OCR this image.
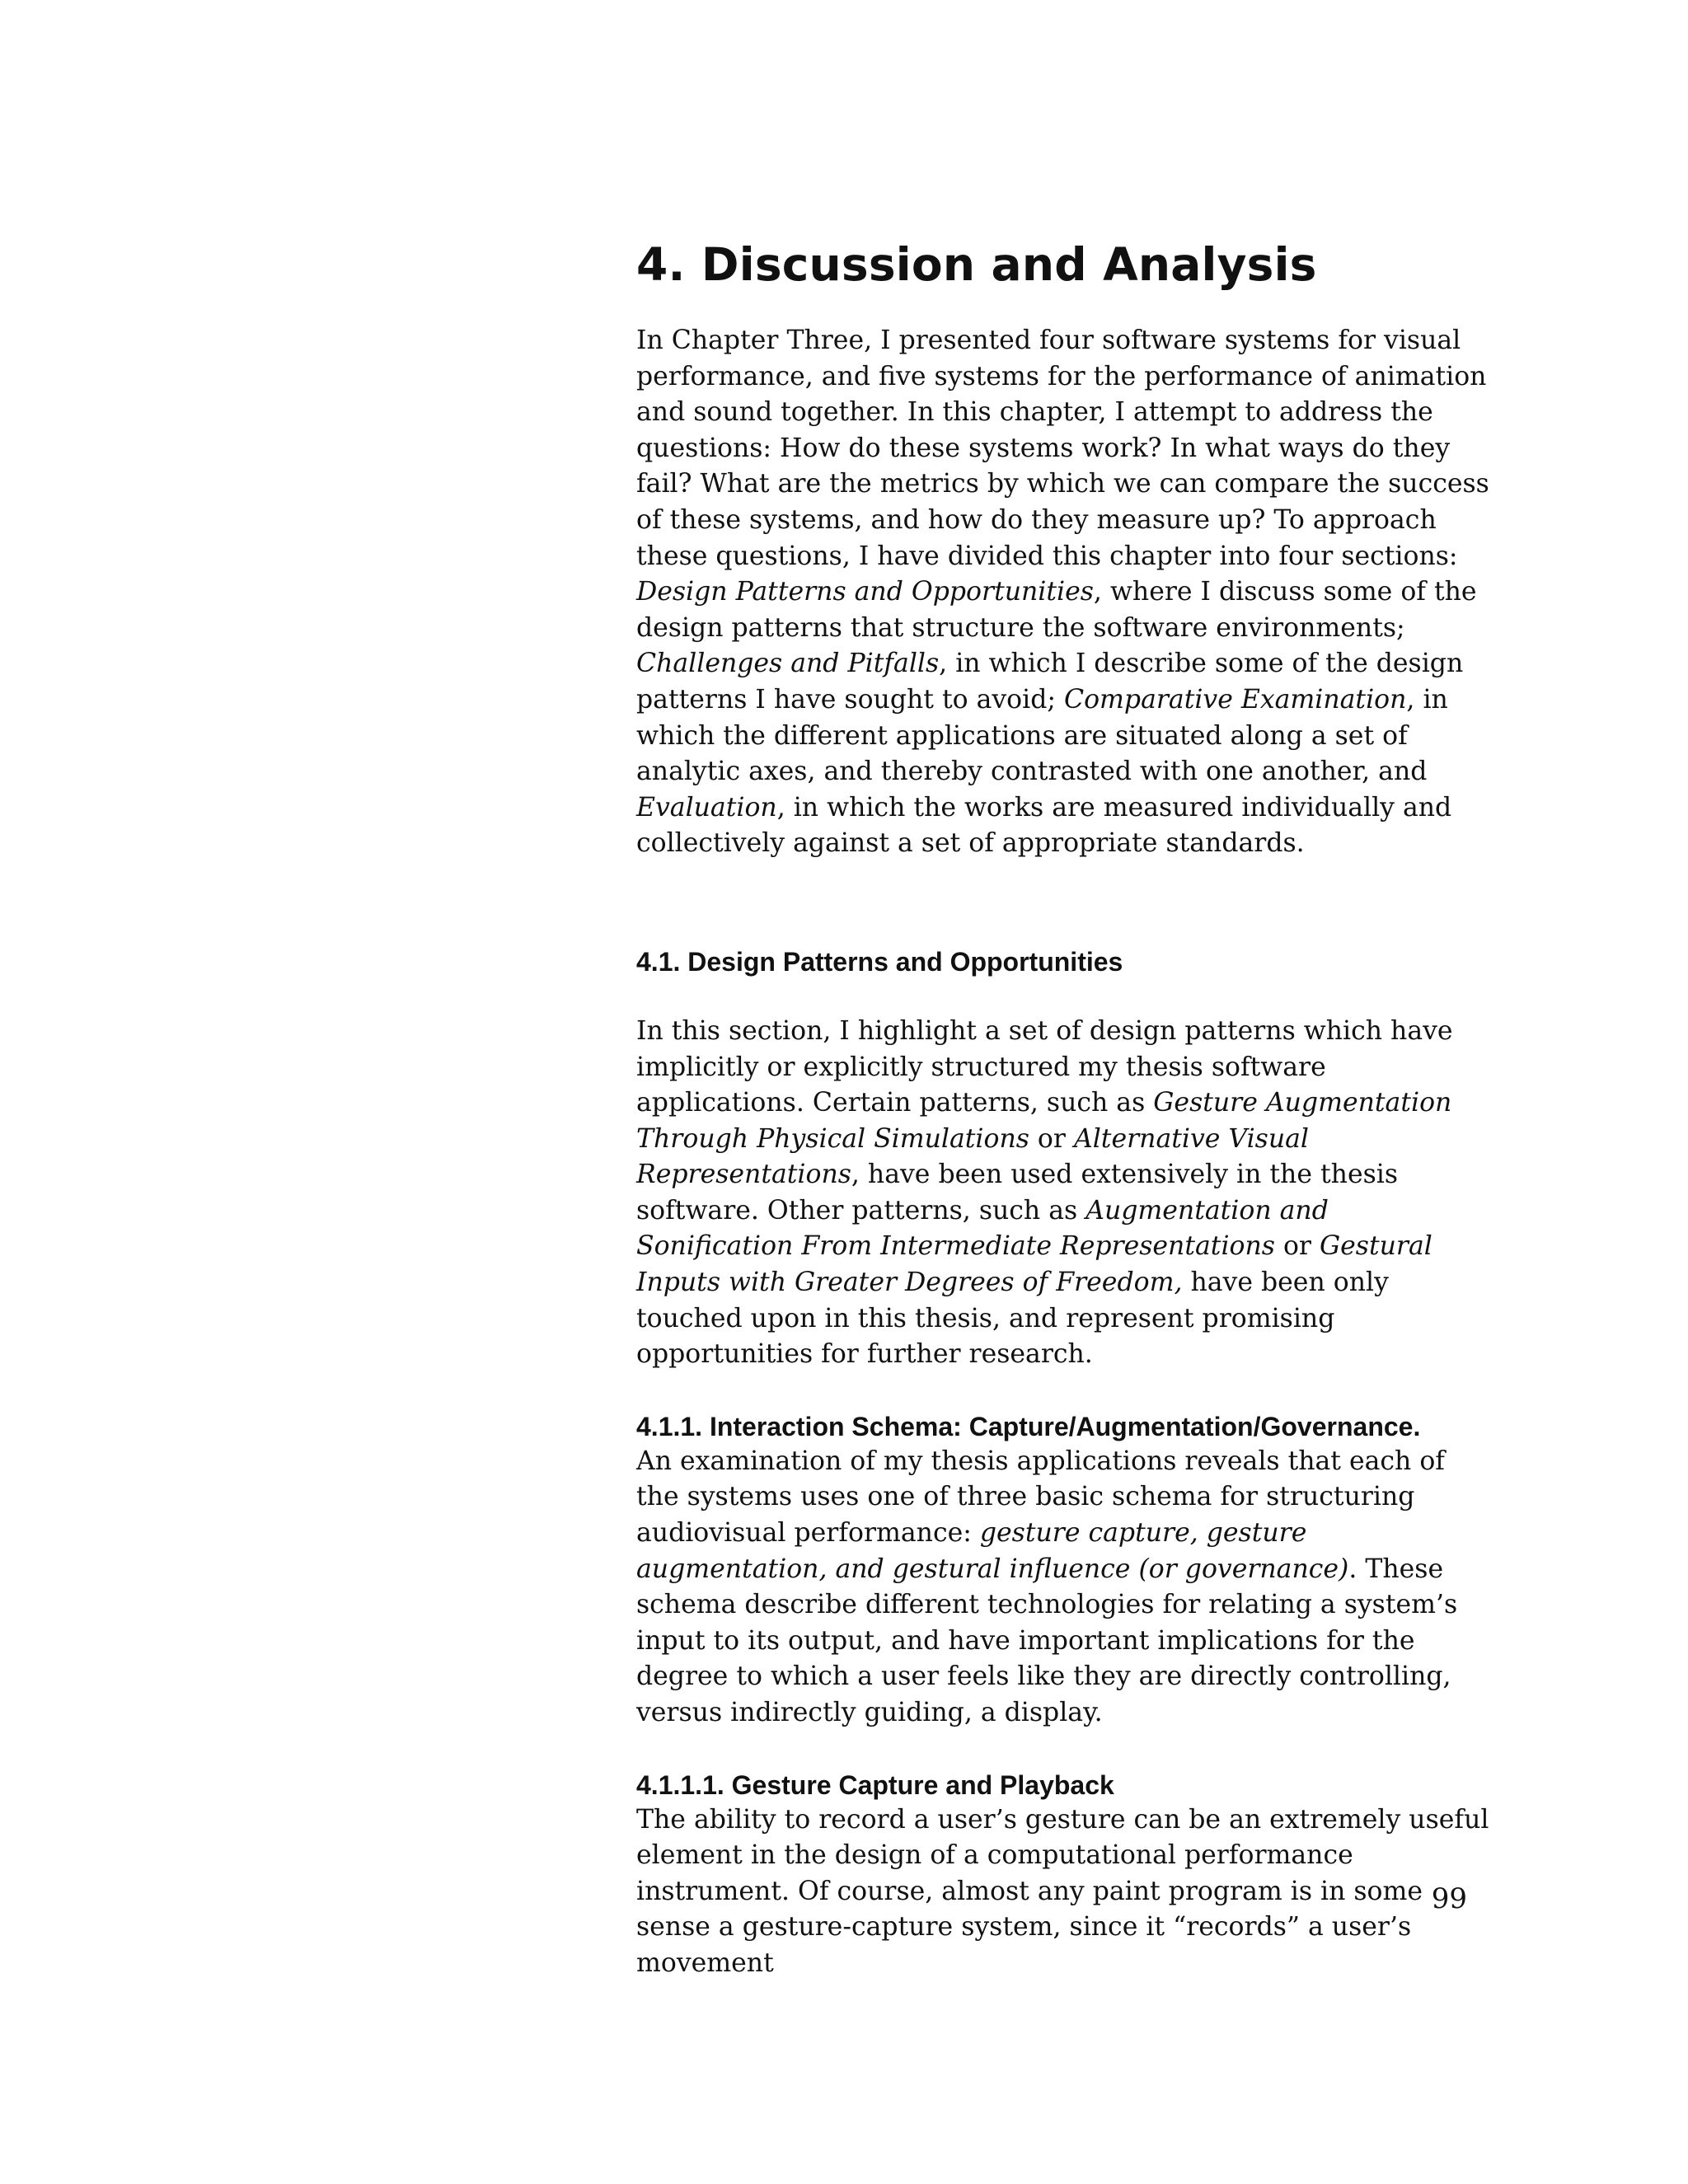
4. Discussion and Analysis

In Chapter Three, I presented four software systems for visual performance, and five systems for the performance of animation and sound together. In this chapter, I attempt to address the questions: How do these systems work? In what ways do they fail? What are the metrics by which we can compare the success of these systems, and how do they measure up? To approach these questions, I have divided this chapter into four sections: Design Patterns and Opportunities, where I discuss some of the design patterns that structure the software environments; Challenges and Pitfalls, in which I describe some of the design patterns I have sought to avoid; Comparative Examination, in which the different applications are situated along a set of analytic axes, and thereby contrasted with one another, and Evaluation, in which the works are measured individually and collectively against a set of appropriate standards.

4.1. Design Patterns and Opportunities

In this section, I highlight a set of design patterns which have implicitly or explicitly structured my thesis software applications. Certain patterns, such as Gesture Augmentation Through Physical Simulations or Alternative Visual Representations, have been used extensively in the thesis software. Other patterns, such as Augmentation and Sonification From Intermediate Representations or Gestural Inputs with Greater Degrees of Freedom, have been only touched upon in this thesis, and represent promising opportunities for further research.

4.1.1. Interaction Schema: Capture/Augmentation/Governance.

An examination of my thesis applications reveals that each of the systems uses one of three basic schema for structuring audiovisual performance: gesture capture, gesture augmentation, and gestural influence (or governance). These schema describe different technologies for relating a system’s input to its output, and have important implications for the degree to which a user feels like they are directly controlling, versus indirectly guiding, a display.

4.1.1.1. Gesture Capture and Playback

The ability to record a user’s gesture can be an extremely useful element in the design of a computational performance instrument. Of course, almost any paint program is in some sense a gesture-capture system, since it “records” a user’s movement

99
